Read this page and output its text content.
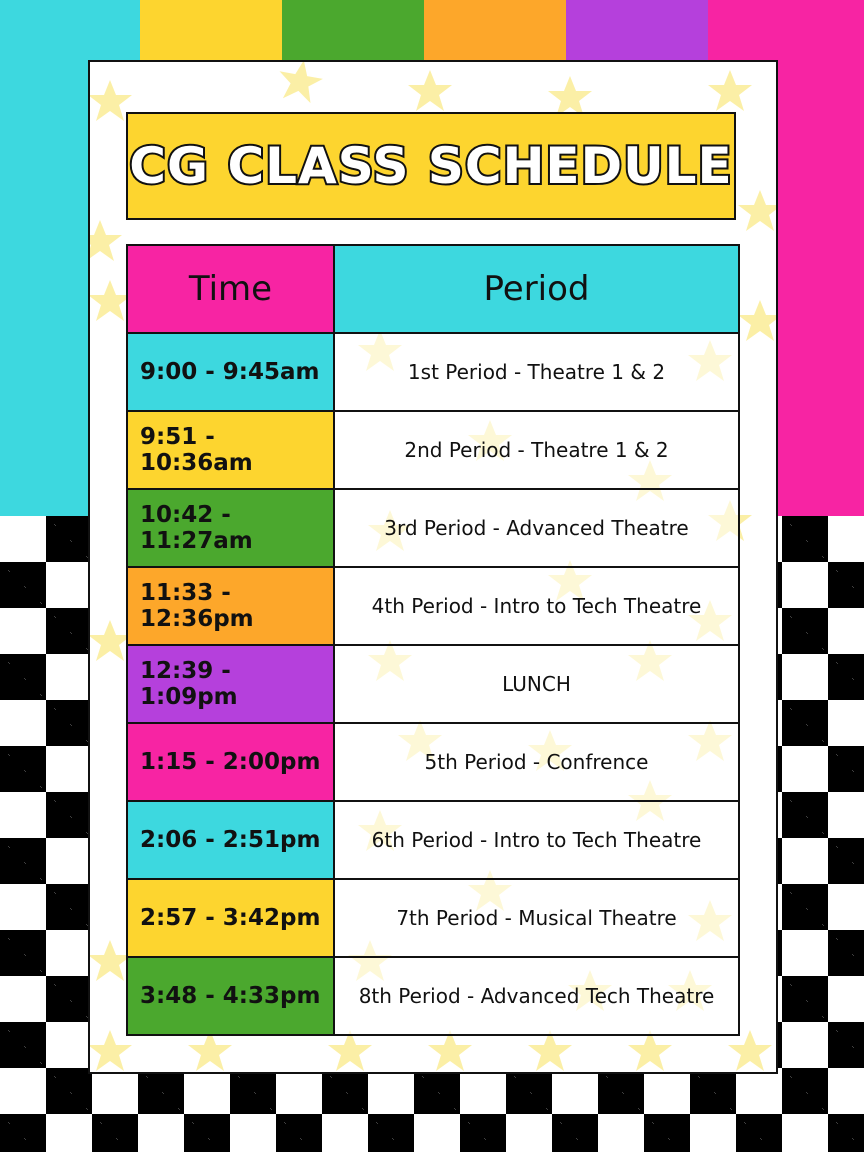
CG CLASS SCHEDULE
Time	Period
9:00 - 9:45am	1st Period - Theatre 1 & 2
9:51 - 10:36am	2nd Period - Theatre 1 & 2
10:42 - 11:27am	3rd Period - Advanced Theatre
11:33 - 12:36pm	4th Period - Intro to Tech Theatre
12:39 - 1:09pm	LUNCH
1:15 - 2:00pm	5th Period - Confrence
2:06 - 2:51pm	6th Period - Intro to Tech Theatre
2:57 - 3:42pm	7th Period - Musical Theatre
3:48 - 4:33pm	8th Period - Advanced Tech Theatre
